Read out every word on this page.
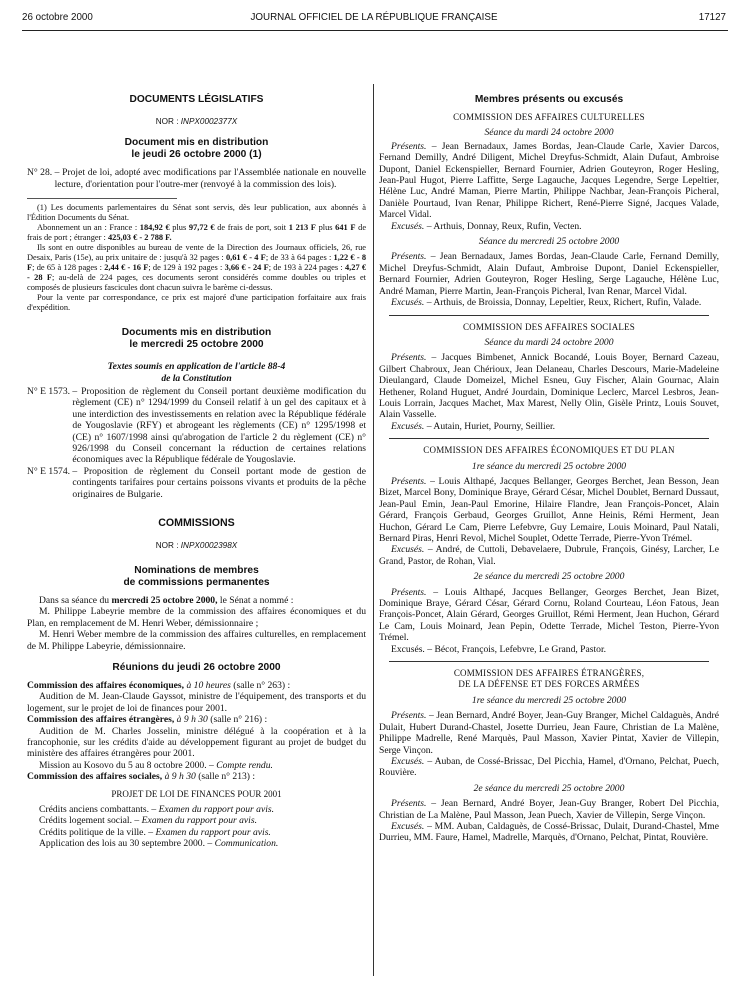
26 octobre 2000	JOURNAL OFFICIEL DE LA RÉPUBLIQUE FRANÇAISE	17127
DOCUMENTS LÉGISLATIFS
NOR : INPX0002377X
Document mis en distribution
le jeudi 26 octobre 2000 (1)
N° 28.
– Projet de loi, adopté avec modifications par l'Assemblée nationale en nouvelle lecture, d'orientation pour l'outre-mer (renvoyé à la commission des lois).

(1) Les documents parlementaires du Sénat sont servis, dès leur publication, aux abonnés à l'Édition Documents du Sénat.

Abonnement un an : France : 184,92 € plus 97,72 € de frais de port, soit 1 213 F plus 641 F de frais de port ; étranger : 425,03 € - 2 788 F.

Ils sont en outre disponibles au bureau de vente de la Direction des Journaux officiels, 26, rue Desaix, Paris (15e), au prix unitaire de : jusqu'à 32 pages : 0,61 € - 4 F; de 33 à 64 pages : 1,22 € - 8 F; de 65 à 128 pages : 2,44 € - 16 F; de 129 à 192 pages : 3,66 € - 24 F; de 193 à 224 pages : 4,27 € - 28 F; au-delà de 224 pages, ces documents seront considérés comme doubles ou triples et composés de plusieurs fascicules dont chacun suivra le barème ci-dessus.

Pour la vente par correspondance, ce prix est majoré d'une participation forfaitaire aux frais d'expédition.

Documents mis en distribution
le mercredi 25 octobre 2000
Textes soumis en application de l'article 88-4
de la Constitution
N° E 1573.
– Proposition de règlement du Conseil portant deuxième modification du règlement (CE) n° 1294/1999 du Conseil relatif à un gel des capitaux et à une interdiction des investissements en relation avec la République fédérale de Yougoslavie (RFY) et abrogeant les règlements (CE) n° 1295/1998 et (CE) n° 1607/1998 ainsi qu'abrogation de l'article 2 du règlement (CE) n° 926/1998 du Conseil concernant la réduction de certaines relations économiques avec la République fédérale de Yougoslavie.
N° E 1574.
– Proposition de règlement du Conseil portant mode de gestion de contingents tarifaires pour certains poissons vivants et produits de la pêche originaires de Bulgarie.
COMMISSIONS
NOR : INPX0002398X
Nominations de membres
de commissions permanentes

Dans sa séance du mercredi 25 octobre 2000, le Sénat a nommé :

M. Philippe Labeyrie membre de la commission des affaires économiques et du Plan, en remplacement de M. Henri Weber, démissionnaire ;

M. Henri Weber membre de la commission des affaires culturelles, en remplacement de M. Philippe Labeyrie, démissionnaire.

Réunions du jeudi 26 octobre 2000

Commission des affaires économiques, à 10 heures (salle n° 263) :

Audition de M. Jean-Claude Gayssot, ministre de l'équipement, des transports et du logement, sur le projet de loi de finances pour 2001.

Commission des affaires étrangères, à 9 h 30 (salle n° 216) :

Audition de M. Charles Josselin, ministre délégué à la coopération et à la francophonie, sur les crédits d'aide au développement figurant au projet de budget du ministère des affaires étrangères pour 2001.

Mission au Kosovo du 5 au 8 octobre 2000. – Compte rendu.

Commission des affaires sociales, à 9 h 30 (salle n° 213) :

PROJET DE LOI DE FINANCES POUR 2001

Crédits anciens combattants. – Examen du rapport pour avis.

Crédits logement social. – Examen du rapport pour avis.

Crédits politique de la ville. – Examen du rapport pour avis.

Application des lois au 30 septembre 2000. – Communication.

Membres présents ou excusés
COMMISSION DES AFFAIRES CULTURELLES
Séance du mardi 24 octobre 2000

Présents. – Jean Bernadaux, James Bordas, Jean-Claude Carle, Xavier Darcos, Fernand Demilly, André Diligent, Michel Dreyfus-Schmidt, Alain Dufaut, Ambroise Dupont, Daniel Eckenspieller, Bernard Fournier, Adrien Gouteyron, Roger Hesling, Jean-Paul Hugot, Pierre Laffitte, Serge Lagauche, Jacques Legendre, Serge Lepeltier, Hélène Luc, André Maman, Pierre Martin, Philippe Nachbar, Jean-François Picheral, Danièle Pourtaud, Ivan Renar, Philippe Richert, René-Pierre Signé, Jacques Valade, Marcel Vidal.

Excusés. – Arthuis, Donnay, Reux, Rufin, Vecten.

Séance du mercredi 25 octobre 2000

Présents. – Jean Bernadaux, James Bordas, Jean-Claude Carle, Fernand Demilly, Michel Dreyfus-Schmidt, Alain Dufaut, Ambroise Dupont, Daniel Eckenspieller, Bernard Fournier, Adrien Gouteyron, Roger Hesling, Serge Lagauche, Hélène Luc, André Maman, Pierre Martin, Jean-François Picheral, Ivan Renar, Marcel Vidal.

Excusés. – Arthuis, de Broissia, Donnay, Lepeltier, Reux, Richert, Rufin, Valade.

COMMISSION DES AFFAIRES SOCIALES
Séance du mardi 24 octobre 2000

Présents. – Jacques Bimbenet, Annick Bocandé, Louis Boyer, Bernard Cazeau, Gilbert Chabroux, Jean Chérioux, Jean Delaneau, Charles Descours, Marie-Madeleine Dieulangard, Claude Domeizel, Michel Esneu, Guy Fischer, Alain Gournac, Alain Hethener, Roland Huguet, André Jourdain, Dominique Leclerc, Marcel Lesbros, Jean-Louis Lorrain, Jacques Machet, Max Marest, Nelly Olin, Gisèle Printz, Louis Souvet, Alain Vasselle.

Excusés. – Autain, Huriet, Pourny, Seillier.

COMMISSION DES AFFAIRES ÉCONOMIQUES ET DU PLAN
1re séance du mercredi 25 octobre 2000

Présents. – Louis Althapé, Jacques Bellanger, Georges Berchet, Jean Besson, Jean Bizet, Marcel Bony, Dominique Braye, Gérard César, Michel Doublet, Bernard Dussaut, Jean-Paul Emin, Jean-Paul Emorine, Hilaire Flandre, Jean François-Poncet, Alain Gérard, François Gerbaud, Georges Gruillot, Anne Heinis, Rémi Herment, Jean Huchon, Gérard Le Cam, Pierre Lefebvre, Guy Lemaire, Louis Moinard, Paul Natali, Bernard Piras, Henri Revol, Michel Souplet, Odette Terrade, Pierre-Yvon Trémel.

Excusés. – André, de Cuttoli, Debavelaere, Dubrule, François, Ginésy, Larcher, Le Grand, Pastor, de Rohan, Vial.

2e séance du mercredi 25 octobre 2000

Présents. – Louis Althapé, Jacques Bellanger, Georges Berchet, Jean Bizet, Dominique Braye, Gérard César, Gérard Cornu, Roland Courteau, Léon Fatous, Jean François-Poncet, Alain Gérard, Georges Gruillot, Rémi Herment, Jean Huchon, Gérard Le Cam, Louis Moinard, Jean Pepin, Odette Terrade, Michel Teston, Pierre-Yvon Trémel.

Excusés. – Bécot, François, Lefebvre, Le Grand, Pastor.

COMMISSION DES AFFAIRES ÉTRANGÈRES,
DE LA DÉFENSE ET DES FORCES ARMÉES
1re séance du mercredi 25 octobre 2000

Présents. – Jean Bernard, André Boyer, Jean-Guy Branger, Michel Caldaguès, André Dulait, Hubert Durand-Chastel, Josette Durrieu, Jean Faure, Christian de La Malène, Philippe Madrelle, René Marquès, Paul Masson, Xavier Pintat, Xavier de Villepin, Serge Vinçon.

Excusés. – Auban, de Cossé-Brissac, Del Picchia, Hamel, d'Ornano, Pelchat, Puech, Rouvière.

2e séance du mercredi 25 octobre 2000

Présents. – Jean Bernard, André Boyer, Jean-Guy Branger, Robert Del Picchia, Christian de La Malène, Paul Masson, Jean Puech, Xavier de Villepin, Serge Vinçon.

Excusés. – MM. Auban, Caldaguès, de Cossé-Brissac, Dulait, Durand-Chastel, Mme Durrieu, MM. Faure, Hamel, Madrelle, Marquès, d'Ornano, Pelchat, Pintat, Rouvière.
